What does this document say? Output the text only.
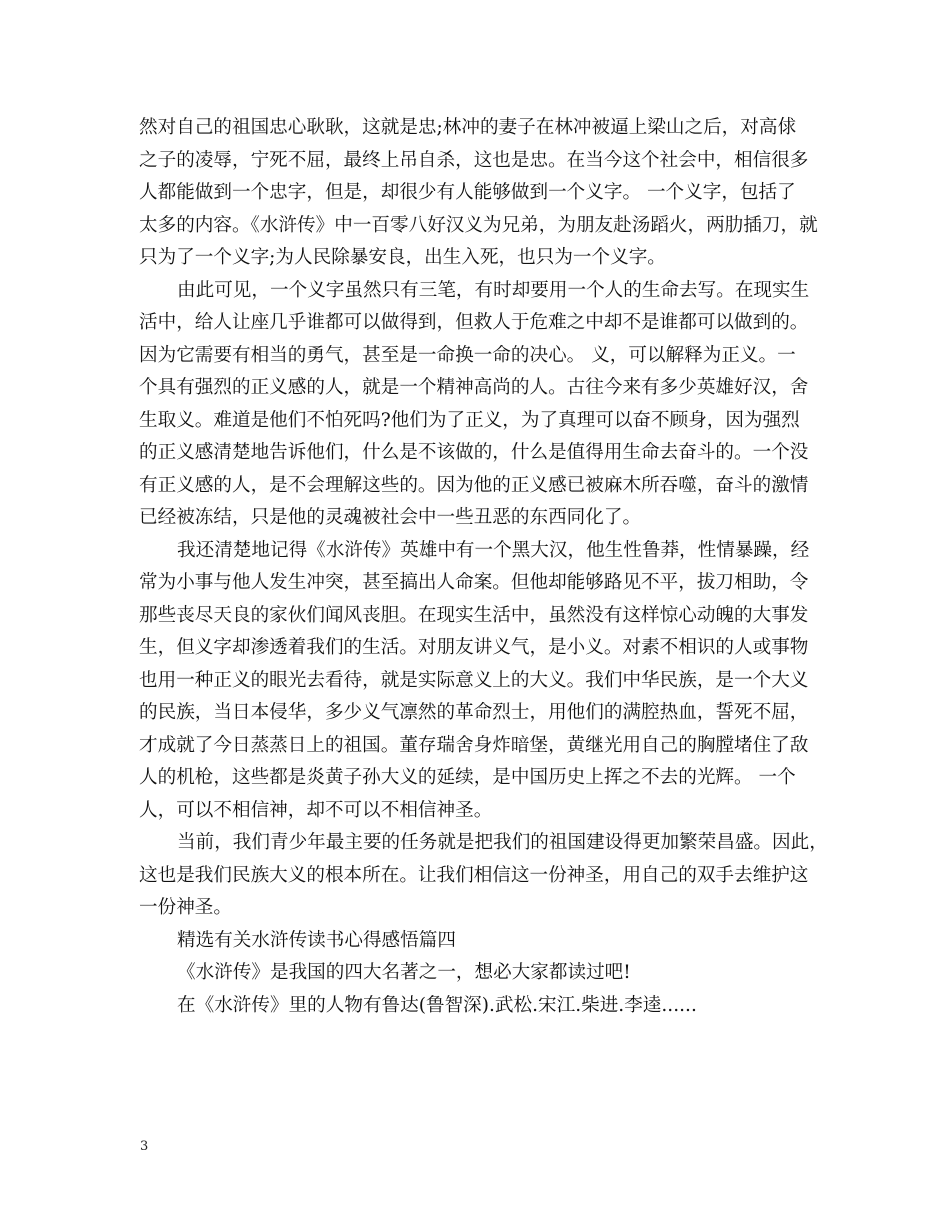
然对自己的祖国忠心耿耿，这就是忠;林冲的妻子在林冲被逼上梁山之后，对高俅
之子的凌辱，宁死不屈，最终上吊自杀，这也是忠。在当今这个社会中，相信很多
人都能做到一个忠字，但是，却很少有人能够做到一个义字。 一个义字，包括了
太多的内容。《水浒传》中一百零八好汉义为兄弟，为朋友赴汤蹈火，两肋插刀，就
只为了一个义字;为人民除暴安良，出生入死，也只为一个义字。
由此可见，一个义字虽然只有三笔，有时却要用一个人的生命去写。在现实生
活中，给人让座几乎谁都可以做得到，但救人于危难之中却不是谁都可以做到的。
因为它需要有相当的勇气，甚至是一命换一命的决心。 义，可以解释为正义。一
个具有强烈的正义感的人，就是一个精神高尚的人。古往今来有多少英雄好汉，舍
生取义。难道是他们不怕死吗?他们为了正义，为了真理可以奋不顾身，因为强烈
的正义感清楚地告诉他们，什么是不该做的，什么是值得用生命去奋斗的。一个没
有正义感的人，是不会理解这些的。因为他的正义感已被麻木所吞噬，奋斗的激情
已经被冻结，只是他的灵魂被社会中一些丑恶的东西同化了。
我还清楚地记得《水浒传》英雄中有一个黑大汉，他生性鲁莽，性情暴躁，经
常为小事与他人发生冲突，甚至搞出人命案。但他却能够路见不平，拔刀相助，令
那些丧尽天良的家伙们闻风丧胆。在现实生活中，虽然没有这样惊心动魄的大事发
生，但义字却渗透着我们的生活。对朋友讲义气，是小义。对素不相识的人或事物
也用一种正义的眼光去看待，就是实际意义上的大义。我们中华民族，是一个大义
的民族，当日本侵华，多少义气凛然的革命烈士，用他们的满腔热血，誓死不屈，
才成就了今日蒸蒸日上的祖国。董存瑞舍身炸暗堡，黄继光用自己的胸膛堵住了敌
人的机枪，这些都是炎黄子孙大义的延续，是中国历史上挥之不去的光辉。 一个
人，可以不相信神，却不可以不相信神圣。
当前，我们青少年最主要的任务就是把我们的祖国建设得更加繁荣昌盛。因此，
这也是我们民族大义的根本所在。让我们相信这一份神圣，用自己的双手去维护这
一份神圣。
精选有关水浒传读书心得感悟篇四
《水浒传》是我国的四大名著之一，想必大家都读过吧!
在《水浒传》里的人物有鲁达(鲁智深).武松.宋江.柴进.李逵......
3
